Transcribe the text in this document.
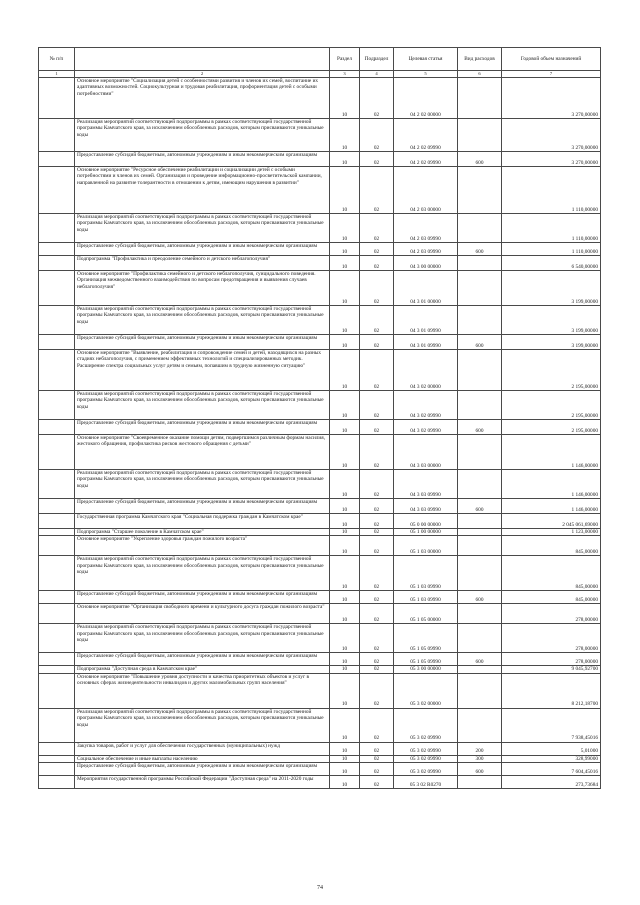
№ п/п		Раздел	Подраздел	Целевая статья	Вид расходов	Годовой объем назначений
1	2	3	4	5	6	7
	Основное мероприятие "Социализация детей с особенностями развития и членов их семей, воспитание их адаптивных возможностей. Социокультурная и трудовая реабилитация, профориентация детей с особыми потребностями"	10	02	04 2 02 00000		3 270,00000
	Реализация мероприятий соответствующей подпрограммы в рамках соответствующей государственной программы Камчатского края, за исключением обособленных расходов, которым присваиваются уникальные коды	10	02	04 2 02 09990		3 270,00000
	Предоставление субсидий бюджетным, автономным учреждениям и иным некоммерческим организациям	10	02	04 2 02 09990	600	3 270,00000
	Основное мероприятие "Ресурсное обеспечение реабилитации и социализации детей с особыми потребностями и членов их семей. Организация и проведение информационно-просветительской кампании, направленной на развитие толерантности в отношении к детям, имеющим нарушения в развитии"	10	02	04 2 03 00000		1 110,00000
	Реализация мероприятий соответствующей подпрограммы в рамках соответствующей государственной программы Камчатского края, за исключением обособленных расходов, которым присваиваются уникальные коды	10	02	04 2 03 09990		1 110,00000
	Предоставление субсидий бюджетным, автономным учреждениям и иным некоммерческим организациям	10	02	04 2 03 09990	600	1 110,00000
	Подпрограмма "Профилактика и преодоление семейного и детского неблагополучия"	10	02	04 3 00 00000		6 540,00000
	Основное мероприятие "Профилактика семейного и детского неблагополучия, суицидального поведения. Организация межведомственного взаимодействия по вопросам предотвращения и выявления случаев неблагополучия"	10	02	04 3 01 00000		3 199,00000
	Реализация мероприятий соответствующей подпрограммы в рамках соответствующей государственной программы Камчатского края, за исключением обособленных расходов, которым присваиваются уникальные коды	10	02	04 3 01 09990		3 199,00000
	Предоставление субсидий бюджетным, автономным учреждениям и иным некоммерческим организациям	10	02	04 3 01 09990	600	3 199,00000
	Основное мероприятие "Выявление, реабилитация и сопровождение семей и детей, находящихся на разных стадиях неблагополучия, с применением эффективных технологий и специализированных методик. Расширение спектра социальных услуг детям и семьям, попавшим в трудную жизненную ситуацию"	10	02	04 3 02 00000		2 195,00000
	Реализация мероприятий соответствующей подпрограммы в рамках соответствующей государственной программы Камчатского края, за исключением обособленных расходов, которым присваиваются уникальные коды	10	02	04 3 02 09990		2 195,00000
	Предоставление субсидий бюджетным, автономным учреждениям и иным некоммерческим организациям	10	02	04 3 02 09990	600	2 195,00000
	Основное мероприятие "Своевременное оказание помощи детям, подвергшимся различным формам насилия, жестокого обращения, профилактика рисков жестокого обращения с детьми"	10	02	04 3 03 00000		1 146,00000
	Реализация мероприятий соответствующей подпрограммы в рамках соответствующей государственной программы Камчатского края, за исключением обособленных расходов, которым присваиваются уникальные коды	10	02	04 3 03 09990		1 146,00000
	Предоставление субсидий бюджетным, автономным учреждениям и иным некоммерческим организациям	10	02	04 3 03 09990	600	1 146,00000
	Государственная программа Камчатского края "Социальная поддержка граждан в Камчатском крае"	10	02	05 0 00 00000		2 045 061,69000
	Подпрограмма "Старшее поколение в Камчатском крае"	10	02	05 1 00 00000		1 123,00000
	Основное мероприятие "Укрепление здоровья граждан пожилого возраста"	10	02	05 1 03 00000		845,00000
	Реализация мероприятий соответствующей подпрограммы в рамках соответствующей государственной программы Камчатского края, за исключением обособленных расходов, которым присваиваются уникальные коды	10	02	05 1 03 09990		845,00000
	Предоставление субсидий бюджетным, автономным учреждениям и иным некоммерческим организациям	10	02	05 1 03 09990	600	845,00000
	Основное мероприятие "Организация свободного времени и культурного досуга граждан пожилого возраста"	10	02	05 1 05 00000		278,00000
	Реализация мероприятий соответствующей подпрограммы в рамках соответствующей государственной программы Камчатского края, за исключением обособленных расходов, которым присваиваются уникальные коды	10	02	05 1 05 09990		278,00000
	Предоставление субсидий бюджетным, автономным учреждениям и иным некоммерческим организациям	10	02	05 1 05 09990	600	278,00000
	Подпрограмма "Доступная среда в Камчатском крае"	10	02	05 3 00 00000		9 045,92700
	Основное мероприятие "Повышение уровня доступности и качества приоритетных объектов и услуг в основных сферах жизнедеятельности инвалидов и других маломобильных групп населения"	10	02	05 3 02 00000		8 212,18700
	Реализация мероприятий соответствующей подпрограммы в рамках соответствующей государственной программы Камчатского края, за исключением обособленных расходов, которым присваиваются уникальные коды	10	02	05 3 02 09990		7 938,45016
	Закупка товаров, работ и услуг для обеспечения государственных (муниципальных) нужд	10	02	05 3 02 09990	200	5,01000
	Социальное обеспечение и иные выплаты населению	10	02	05 3 02 09990	300	328,99000
	Предоставление субсидий бюджетным, автономным учреждениям и иным некоммерческим организациям	10	02	05 3 02 09990	600	7 604,45016
	Мероприятия государственной программы Российской Федерации "Доступная среда" на 2011-2020 годы	10	02	05 3 02 R0270		273,73684
74
